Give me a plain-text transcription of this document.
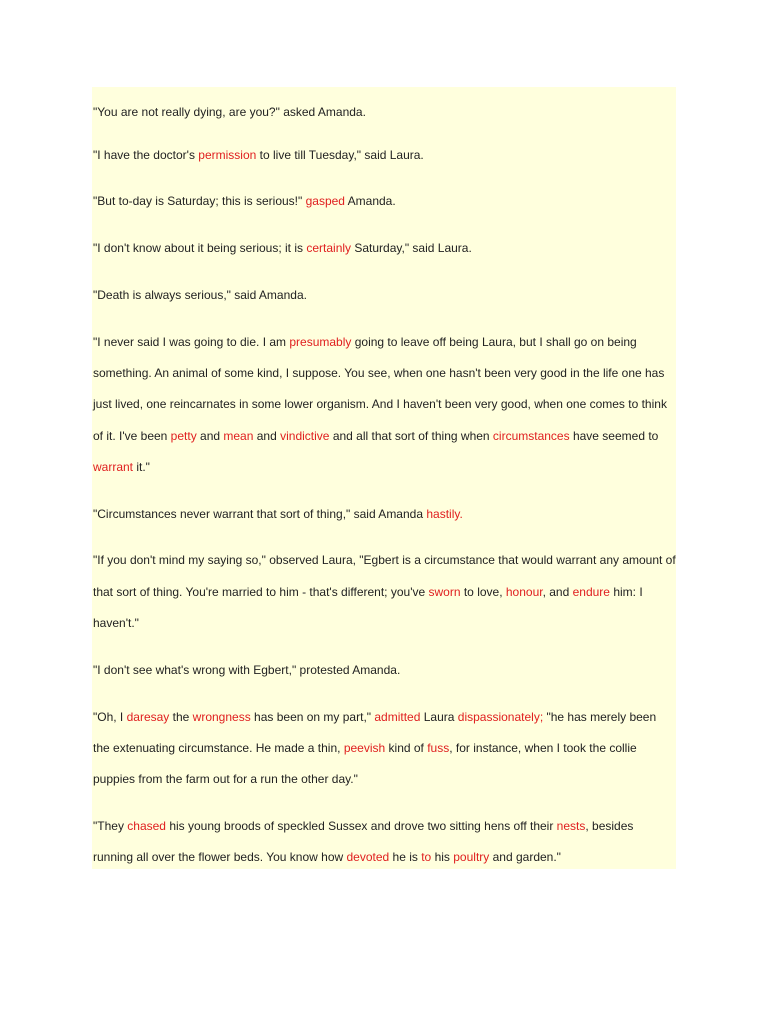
"You are not really dying, are you?" asked Amanda.

"I have the doctor's permission to live till Tuesday," said Laura.

"But to-day is Saturday; this is serious!" gasped Amanda.

"I don't know about it being serious; it is certainly Saturday," said Laura.

"Death is always serious," said Amanda.

"I never said I was going to die. I am presumably going to leave off being Laura, but I shall go on being something. An animal of some kind, I suppose. You see, when one hasn't been very good in the life one has just lived, one reincarnates in some lower organism. And I haven't been very good, when one comes to think of it. I've been petty and mean and vindictive and all that sort of thing when circumstances have seemed to warrant it."

"Circumstances never warrant that sort of thing," said Amanda hastily.

"If you don't mind my saying so," observed Laura, "Egbert is a circumstance that would warrant any amount of that sort of thing. You're married to him - that's different; you've sworn to love, honour, and endure him: I haven't."

"I don't see what's wrong with Egbert," protested Amanda.

"Oh, I daresay the wrongness has been on my part," admitted Laura dispassionately; "he has merely been the extenuating circumstance. He made a thin, peevish kind of fuss, for instance, when I took the collie puppies from the farm out for a run the other day."

"They chased his young broods of speckled Sussex and drove two sitting hens off their nests, besides running all over the flower beds. You know how devoted he is to his poultry and garden."
